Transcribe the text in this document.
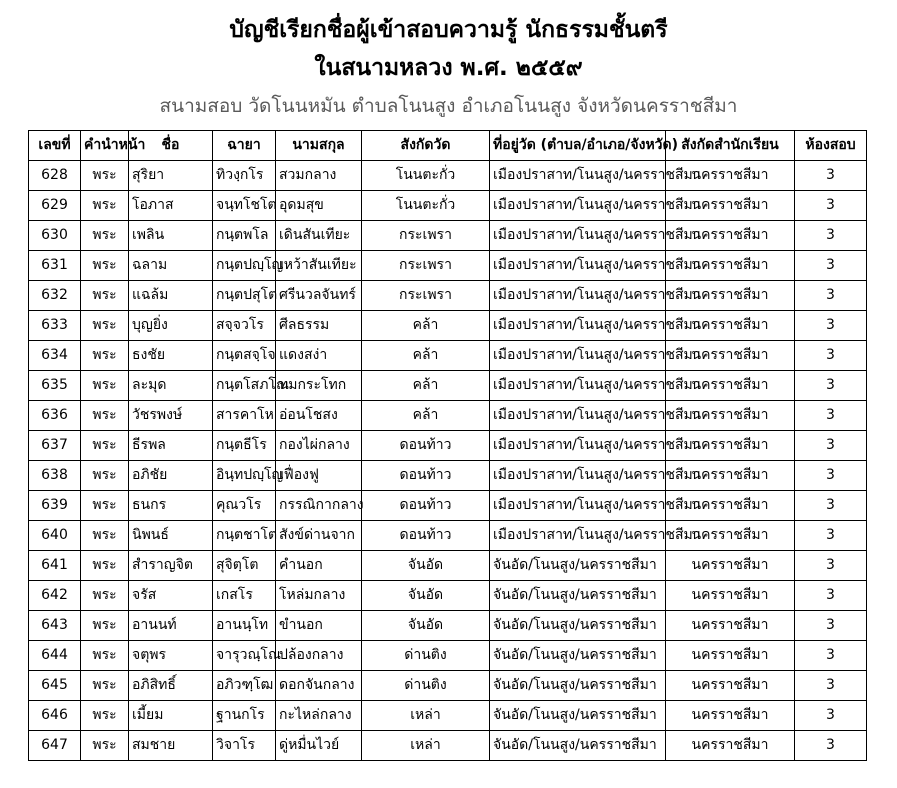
บัญชีเรียกชื่อผู้เข้าสอบความรู้ นักธรรมชั้นตรี
ในสนามหลวง พ.ศ. ๒๕๕๙
สนามสอบ วัดโนนหมัน ตำบลโนนสูง อำเภอโนนสูง จังหวัดนครราชสีมา
เลขที่	คำนำหน้า	ชื่อ	ฉายา	นามสกุล	สังกัดวัด	ที่อยู่วัด (ตำบล/อำเภอ/จังหวัด)	สังกัดสำนักเรียน	ห้องสอบ
628	พระ	สุริยา	ทิวงฺกโร	สวมกลาง	โนนตะกั่ว	เมืองปราสาท/โนนสูง/นครราชสีมา	นครราชสีมา	3
629	พระ	โอภาส	จนฺทโชโต	อุดมสุข	โนนตะกั่ว	เมืองปราสาท/โนนสูง/นครราชสีมา	นครราชสีมา	3
630	พระ	เพลิน	กนฺตพโล	เดินสันเทียะ	กระเพรา	เมืองปราสาท/โนนสูง/นครราชสีมา	นครราชสีมา	3
631	พระ	ฉลาม	กนฺตปญฺโญ	เหว้าสันเทียะ	กระเพรา	เมืองปราสาท/โนนสูง/นครราชสีมา	นครราชสีมา	3
632	พระ	แฉล้ม	กนฺตปสุโต	ศรีนวลจันทร์	กระเพรา	เมืองปราสาท/โนนสูง/นครราชสีมา	นครราชสีมา	3
633	พระ	บุญยิ่ง	สจฺจวโร	ศีลธรรม	คล้า	เมืองปราสาท/โนนสูง/นครราชสีมา	นครราชสีมา	3
634	พระ	ธงชัย	กนฺตสจฺโจ	แดงสง่า	คล้า	เมืองปราสาท/โนนสูง/นครราชสีมา	นครราชสีมา	3
635	พระ	ละมุด	กนฺตโสภโณ	ทมกระโทก	คล้า	เมืองปราสาท/โนนสูง/นครราชสีมา	นครราชสีมา	3
636	พระ	วัชรพงษ์	สารคาโห	อ่อนโชสง	คล้า	เมืองปราสาท/โนนสูง/นครราชสีมา	นครราชสีมา	3
637	พระ	ธีรพล	กนฺตธีโร	กองไผ่กลาง	ดอนท้าว	เมืองปราสาท/โนนสูง/นครราชสีมา	นครราชสีมา	3
638	พระ	อภิชัย	อินฺทปญฺโญ	เฟื่องฟู	ดอนท้าว	เมืองปราสาท/โนนสูง/นครราชสีมา	นครราชสีมา	3
639	พระ	ธนกร	คุณวโร	กรรณิกากลาง	ดอนท้าว	เมืองปราสาท/โนนสูง/นครราชสีมา	นครราชสีมา	3
640	พระ	นิพนธ์	กนฺตชาโต	สังข์ด่านจาก	ดอนท้าว	เมืองปราสาท/โนนสูง/นครราชสีมา	นครราชสีมา	3
641	พระ	สำราญจิต	สุจิตฺโต	คำนอก	จันอัด	จันอัด/โนนสูง/นครราชสีมา	นครราชสีมา	3
642	พระ	จรัส	เกสโร	โหล่มกลาง	จันอัด	จันอัด/โนนสูง/นครราชสีมา	นครราชสีมา	3
643	พระ	อานนท์	อานนฺโท	ขำนอก	จันอัด	จันอัด/โนนสูง/นครราชสีมา	นครราชสีมา	3
644	พระ	จตุพร	จารุวณฺโณ	ปล้องกลาง	ด่านติง	จันอัด/โนนสูง/นครราชสีมา	นครราชสีมา	3
645	พระ	อภิสิทธิ์	อภิวฑฺโฒ	ดอกจันกลาง	ด่านติง	จันอัด/โนนสูง/นครราชสีมา	นครราชสีมา	3
646	พระ	เมี้ยม	ฐานกโร	กะไหล่กลาง	เหล่า	จันอัด/โนนสูง/นครราชสีมา	นครราชสีมา	3
647	พระ	สมชาย	วิจาโร	ดู่หมื่นไวย์	เหล่า	จันอัด/โนนสูง/นครราชสีมา	นครราชสีมา	3
